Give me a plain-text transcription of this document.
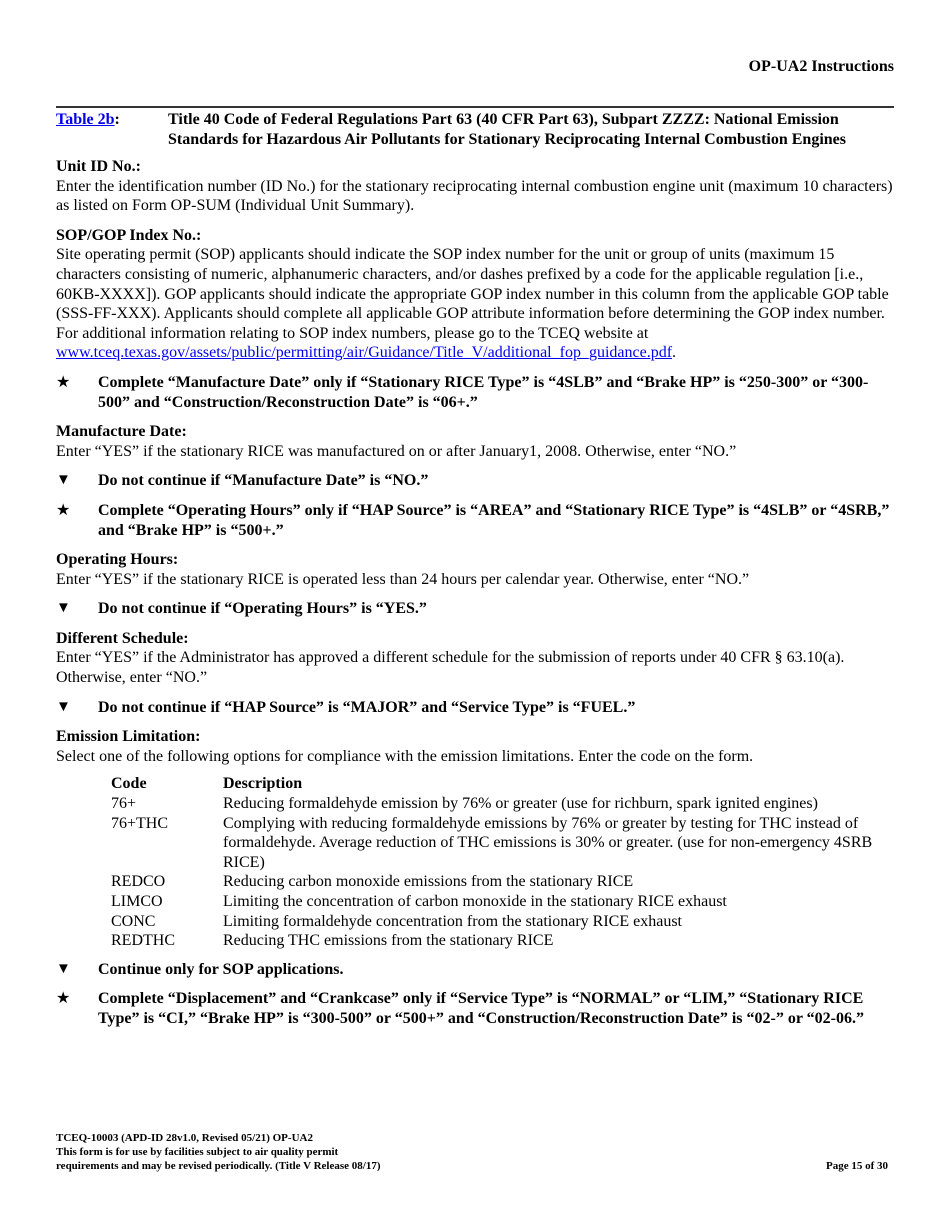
OP-UA2 Instructions
Table 2b:	Title 40 Code of Federal Regulations Part 63 (40 CFR Part 63), Subpart ZZZZ: National Emission Standards for Hazardous Air Pollutants for Stationary Reciprocating Internal Combustion Engines
Unit ID No.:

Enter the identification number (ID No.) for the stationary reciprocating internal combustion engine unit (maximum 10 characters) as listed on Form OP-SUM (Individual Unit Summary).

SOP/GOP Index No.:

Site operating permit (SOP) applicants should indicate the SOP index number for the unit or group of units (maximum 15 characters consisting of numeric, alphanumeric characters, and/or dashes prefixed by a code for the applicable regulation [i.e., 60KB-XXXX]). GOP applicants should indicate the appropriate GOP index number in this column from the applicable GOP table (SSS-FF-XXX). Applicants should complete all applicable GOP attribute information before determining the GOP index number. For additional information relating to SOP index numbers, please go to the TCEQ website at www.tceq.texas.gov/assets/public/permitting/air/Guidance/Title_V/additional_fop_guidance.pdf.

★	Complete “Manufacture Date” only if “Stationary RICE Type” is “4SLB” and “Brake HP” is “250-300” or “300-500” and “Construction/Reconstruction Date” is “06+.”
Manufacture Date:

Enter “YES” if the stationary RICE was manufactured on or after January1, 2008. Otherwise, enter “NO.”

▼	Do not continue if “Manufacture Date” is “NO.”
★	Complete “Operating Hours” only if “HAP Source” is “AREA” and “Stationary RICE Type” is “4SLB” or “4SRB,” and “Brake HP” is “500+.”
Operating Hours:

Enter “YES” if the stationary RICE is operated less than 24 hours per calendar year. Otherwise, enter “NO.”

▼	Do not continue if “Operating Hours” is “YES.”
Different Schedule:

Enter “YES” if the Administrator has approved a different schedule for the submission of reports under 40 CFR § 63.10(a). Otherwise, enter “NO.”

▼	Do not continue if “HAP Source” is “MAJOR” and “Service Type” is “FUEL.”
Emission Limitation:

Select one of the following options for compliance with the emission limitations. Enter the code on the form.

Code	Description
76+	Reducing formaldehyde emission by 76% or greater (use for richburn, spark ignited engines)
76+THC	Complying with reducing formaldehyde emissions by 76% or greater by testing for THC instead of formaldehyde. Average reduction of THC emissions is 30% or greater. (use for non-emergency 4SRB RICE)
REDCO	Reducing carbon monoxide emissions from the stationary RICE
LIMCO	Limiting the concentration of carbon monoxide in the stationary RICE exhaust
CONC	Limiting formaldehyde concentration from the stationary RICE exhaust
REDTHC	Reducing THC emissions from the stationary RICE
▼	Continue only for SOP applications.
★	Complete “Displacement” and “Crankcase” only if “Service Type” is “NORMAL” or “LIM,” “Stationary RICE Type” is “CI,” “Brake HP” is “300-500” or “500+” and “Construction/Reconstruction Date” is “02-” or “02-06.”
TCEQ-10003 (APD-ID 28v1.0, Revised 05/21) OP-UA2
This form is for use by facilities subject to air quality permit
requirements and may be revised periodically. (Title V Release 08/17)	Page 15 of 30
